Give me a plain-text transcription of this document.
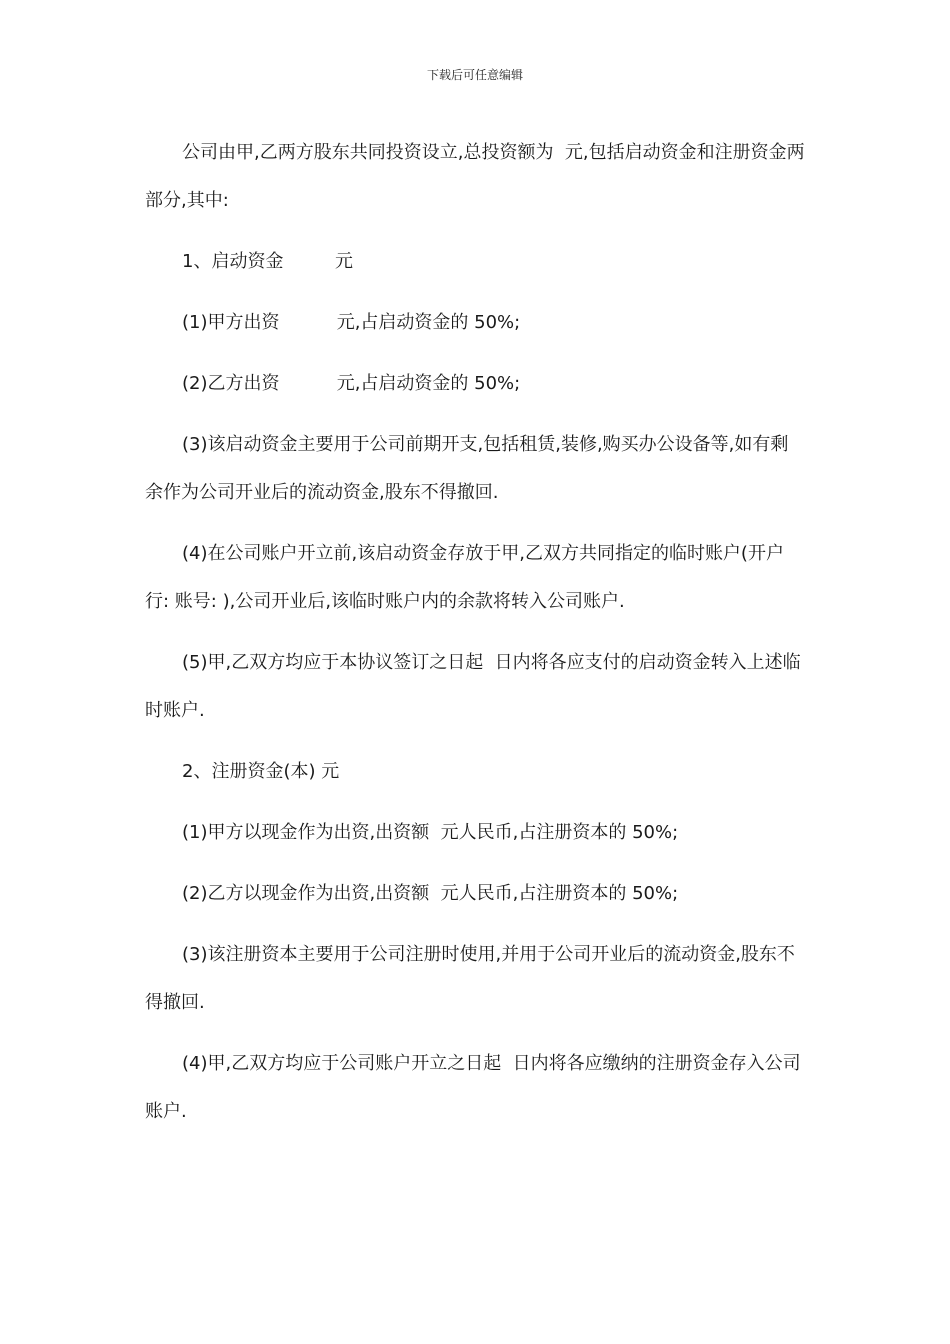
下载后可任意编辑

公司由甲,乙两方股东共同投资设立,总投资额为  元,包括启动资金和注册资金两部分,其中:

1、启动资金         元

(1)甲方出资          元,占启动资金的 50%;

(2)乙方出资          元,占启动资金的 50%;

(3)该启动资金主要用于公司前期开支,包括租赁,装修,购买办公设备等,如有剩余作为公司开业后的流动资金,股东不得撤回.

(4)在公司账户开立前,该启动资金存放于甲,乙双方共同指定的临时账户(开户行: 账号: ),公司开业后,该临时账户内的余款将转入公司账户.

(5)甲,乙双方均应于本协议签订之日起  日内将各应支付的启动资金转入上述临时账户.

2、注册资金(本) 元

(1)甲方以现金作为出资,出资额  元人民币,占注册资本的 50%;

(2)乙方以现金作为出资,出资额  元人民币,占注册资本的 50%;

(3)该注册资本主要用于公司注册时使用,并用于公司开业后的流动资金,股东不得撤回.

(4)甲,乙双方均应于公司账户开立之日起  日内将各应缴纳的注册资金存入公司账户.
